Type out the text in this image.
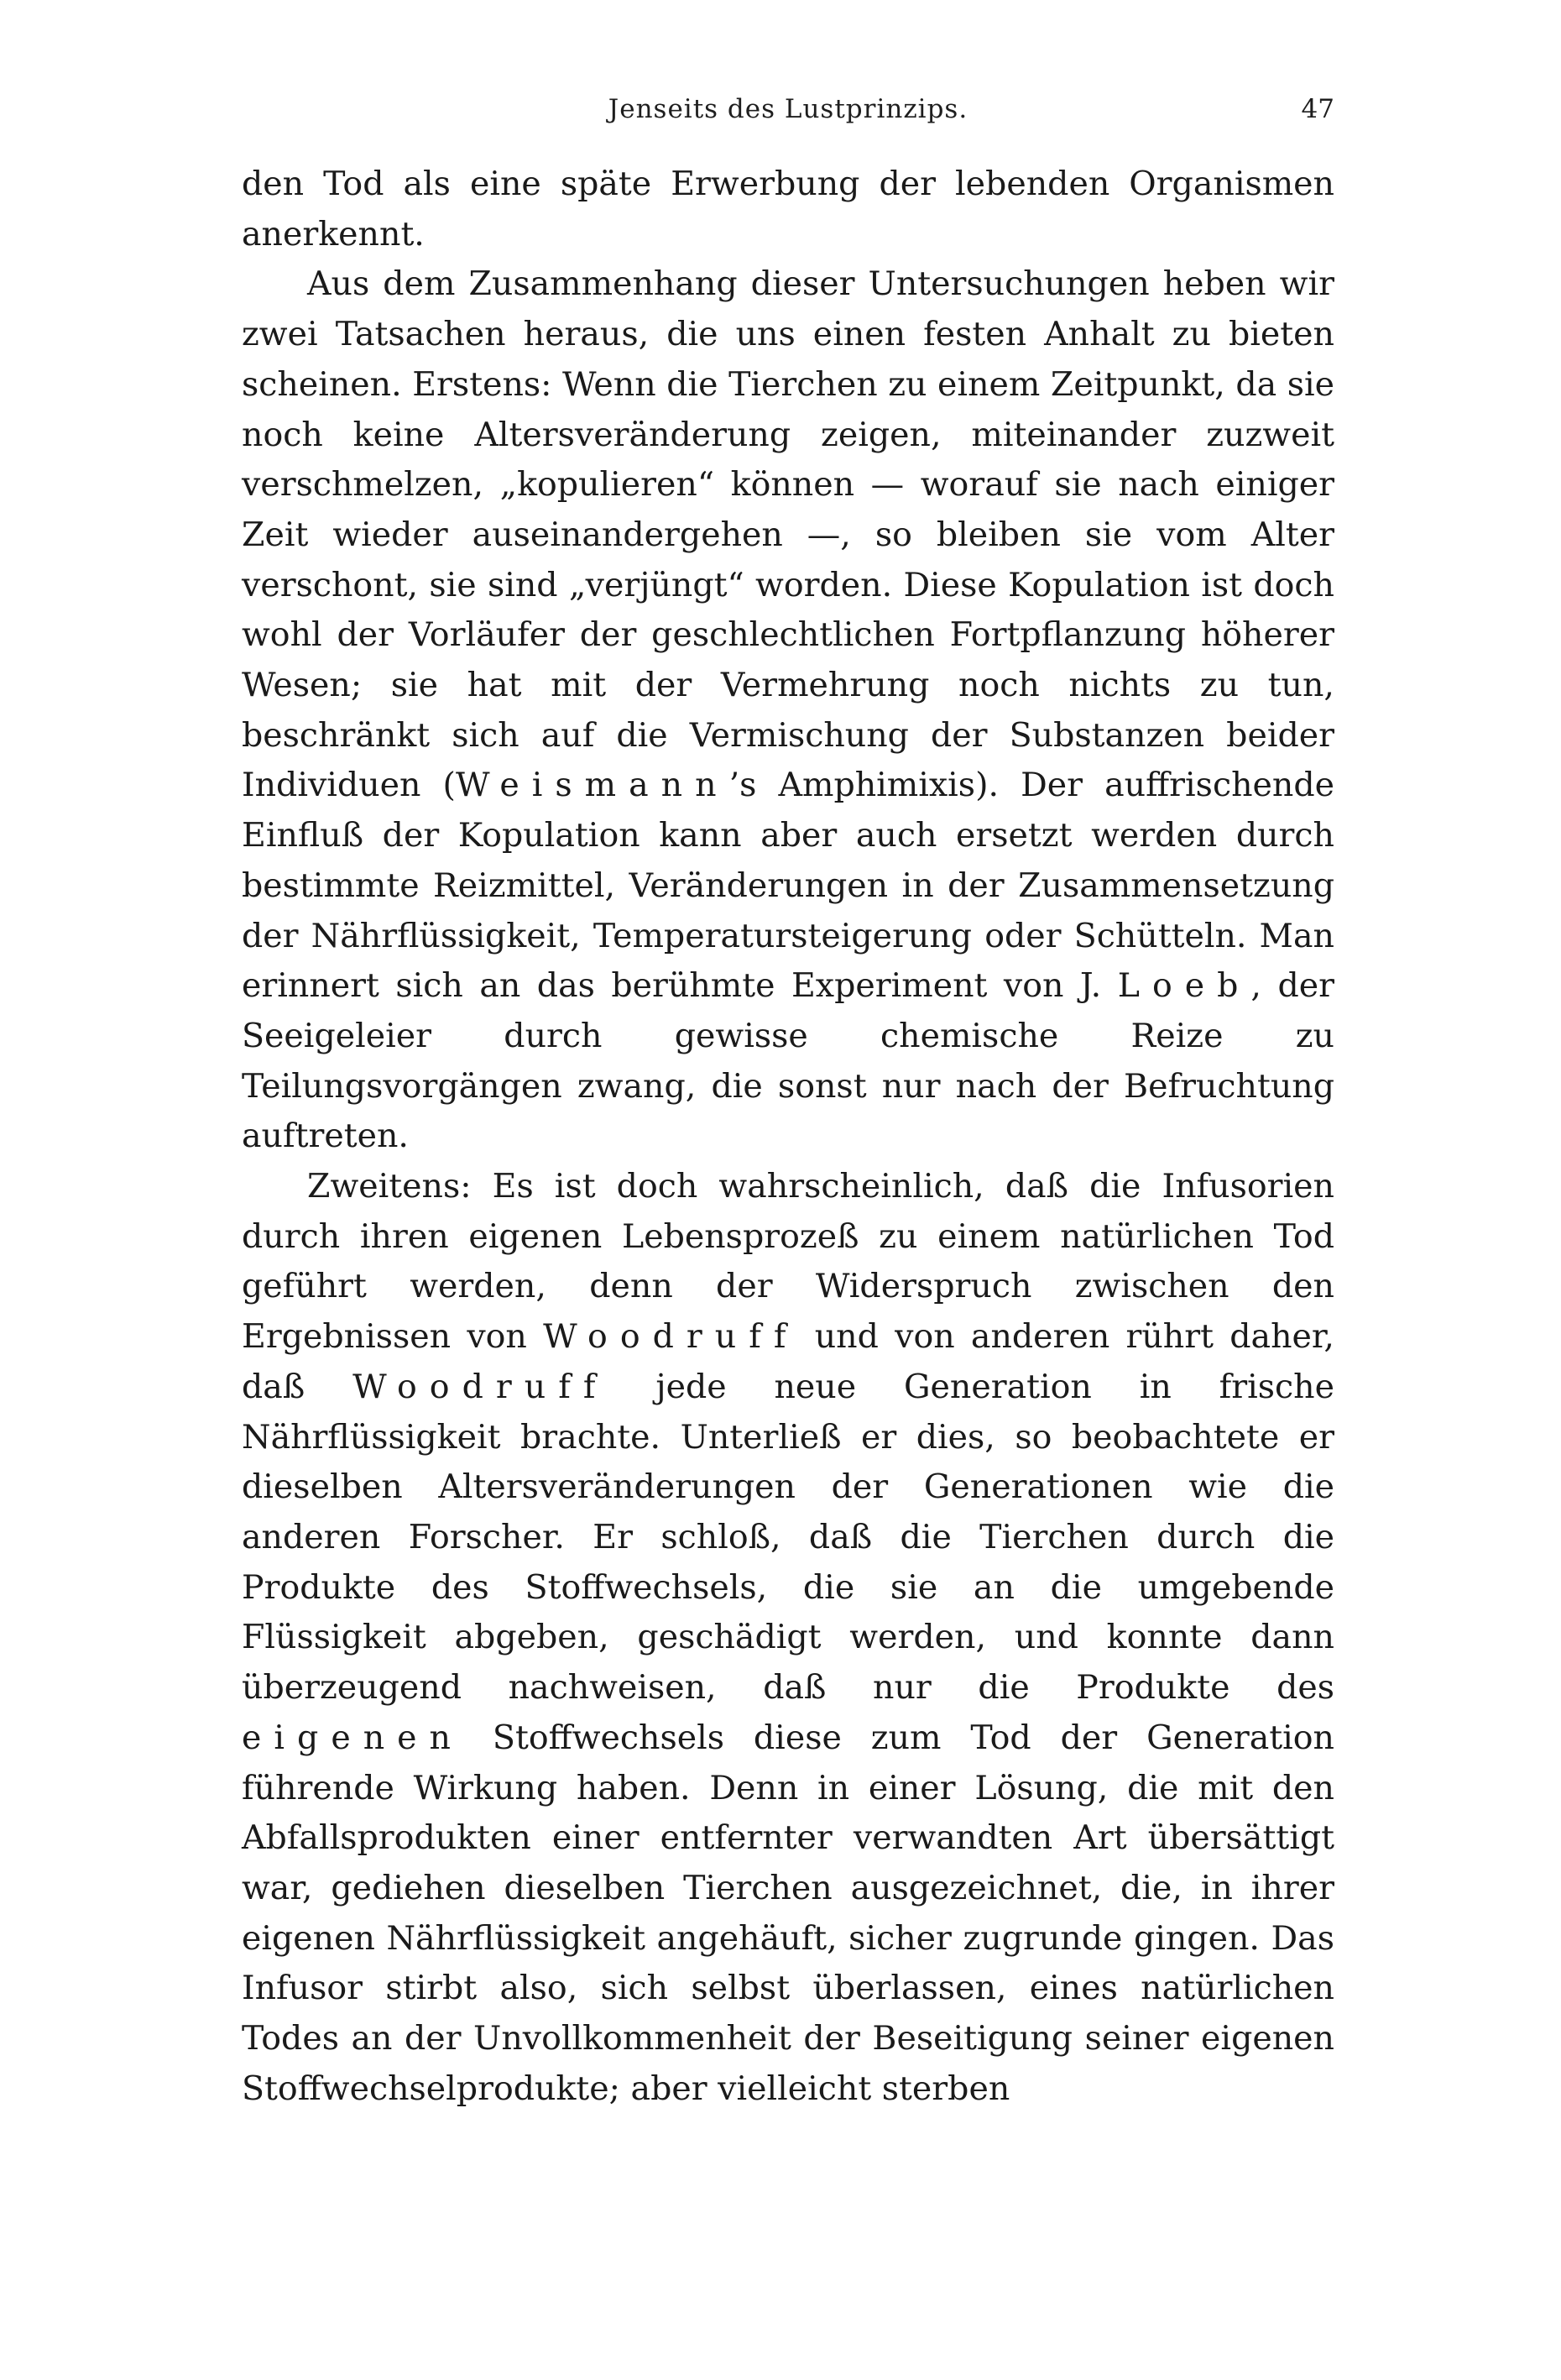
Jenseits des Lustprinzips.	47

den Tod als eine späte Erwerbung der lebenden Organismen anerkennt.

Aus dem Zusammenhang dieser Untersuchungen heben wir zwei Tatsachen heraus, die uns einen festen Anhalt zu bieten scheinen. Erstens: Wenn die Tierchen zu einem Zeitpunkt, da sie noch keine Altersveränderung zeigen, miteinander zuzweit verschmelzen, „kopulieren“ können — worauf sie nach einiger Zeit wieder auseinandergehen —, so bleiben sie vom Alter verschont, sie sind „verjüngt“ worden. Diese Kopulation ist doch wohl der Vorläufer der geschlechtlichen Fortpflanzung höherer Wesen; sie hat mit der Vermehrung noch nichts zu tun, beschränkt sich auf die Vermischung der Substanzen beider Individuen (Weismann’s Amphimixis). Der auffrischende Einfluß der Kopulation kann aber auch ersetzt werden durch bestimmte Reizmittel, Veränderungen in der Zusammensetzung der Nährflüssigkeit, Temperatursteigerung oder Schütteln. Man erinnert sich an das berühmte Experiment von J. Loeb, der Seeigeleier durch gewisse chemische Reize zu Teilungsvorgängen zwang, die sonst nur nach der Befruchtung auftreten.

Zweitens: Es ist doch wahrscheinlich, daß die Infusorien durch ihren eigenen Lebensprozeß zu einem natürlichen Tod geführt werden, denn der Widerspruch zwischen den Ergebnissen von Woodruff und von anderen rührt daher, daß Woodruff jede neue Generation in frische Nährflüssigkeit brachte. Unterließ er dies, so beobachtete er dieselben Altersveränderungen der Generationen wie die anderen Forscher. Er schloß, daß die Tierchen durch die Produkte des Stoffwechsels, die sie an die umgebende Flüssigkeit abgeben, geschädigt werden, und konnte dann überzeugend nachweisen, daß nur die Produkte des eigenen Stoffwechsels diese zum Tod der Generation führende Wirkung haben. Denn in einer Lösung, die mit den Abfallsprodukten einer entfernter verwandten Art übersättigt war, gediehen dieselben Tierchen ausgezeichnet, die, in ihrer eigenen Nährflüssigkeit angehäuft, sicher zugrunde gingen. Das Infusor stirbt also, sich selbst überlassen, eines natürlichen Todes an der Unvollkommenheit der Beseitigung seiner eigenen Stoffwechselprodukte; aber vielleicht sterben
